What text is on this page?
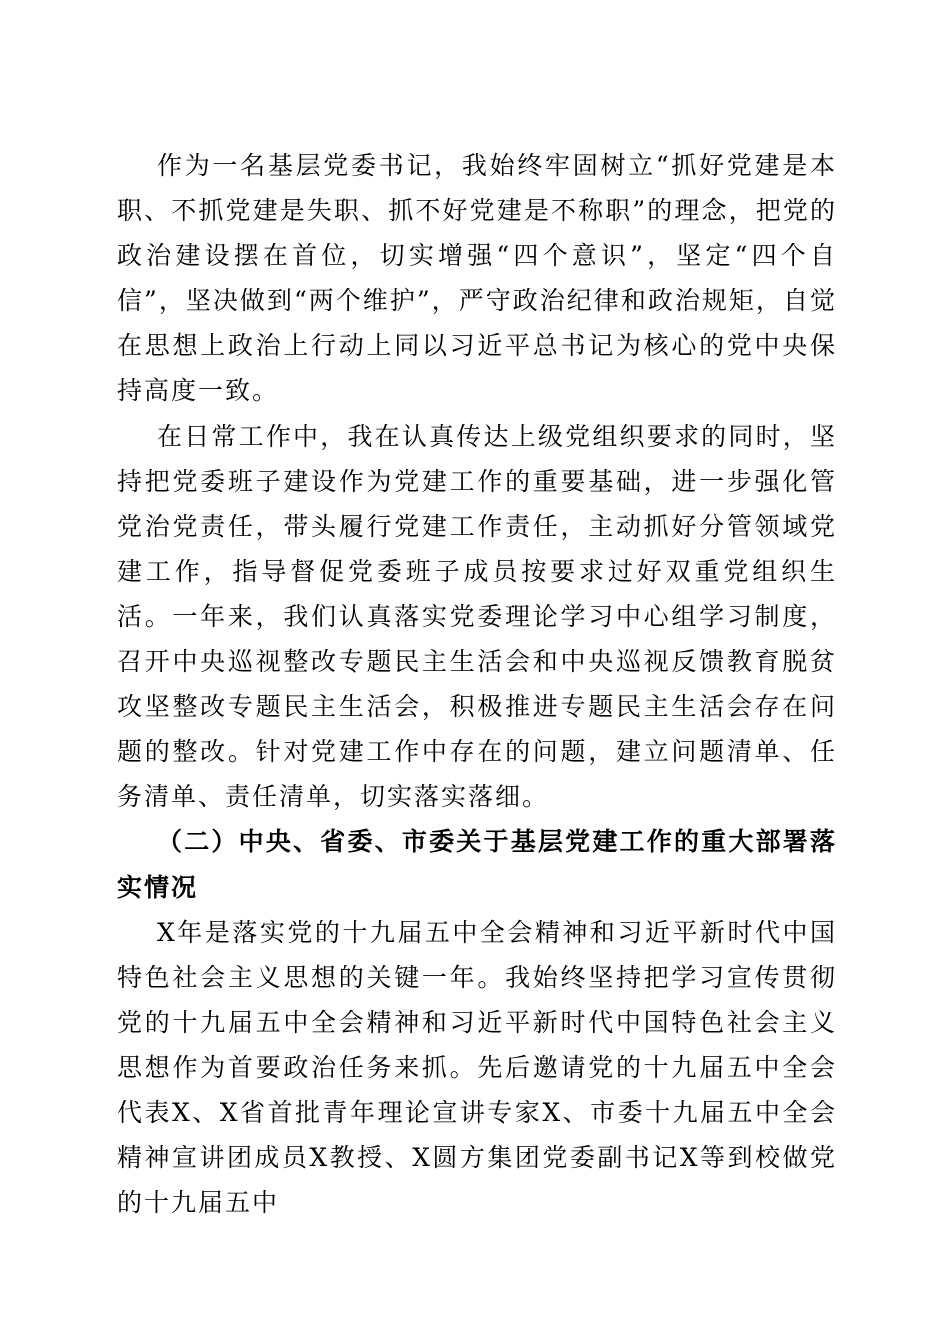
作为一名基层党委书记，我始终牢固树立“抓好党建是本职、不抓党建是失职、抓不好党建是不称职”的理念，把党的政治建设摆在首位，切实增强“四个意识”，坚定“四个自信”，坚决做到“两个维护”，严守政治纪律和政治规矩，自觉在思想上政治上行动上同以习近平总书记为核心的党中央保持高度一致。

在日常工作中，我在认真传达上级党组织要求的同时，坚持把党委班子建设作为党建工作的重要基础，进一步强化管党治党责任，带头履行党建工作责任，主动抓好分管领域党建工作，指导督促党委班子成员按要求过好双重党组织生活。一年来，我们认真落实党委理论学习中心组学习制度，召开中央巡视整改专题民主生活会和中央巡视反馈教育脱贫攻坚整改专题民主生活会，积极推进专题民主生活会存在问题的整改。针对党建工作中存在的问题，建立问题清单、任务清单、责任清单，切实落实落细。

（二）中央、省委、市委关于基层党建工作的重大部署落实情况

X年是落实党的十九届五中全会精神和习近平新时代中国特色社会主义思想的关键一年。我始终坚持把学习宣传贯彻党的十九届五中全会精神和习近平新时代中国特色社会主义思想作为首要政治任务来抓。先后邀请党的十九届五中全会代表X、X省首批青年理论宣讲专家X、市委十九届五中全会精神宣讲团成员X教授、X圆方集团党委副书记X等到校做党的十九届五中
